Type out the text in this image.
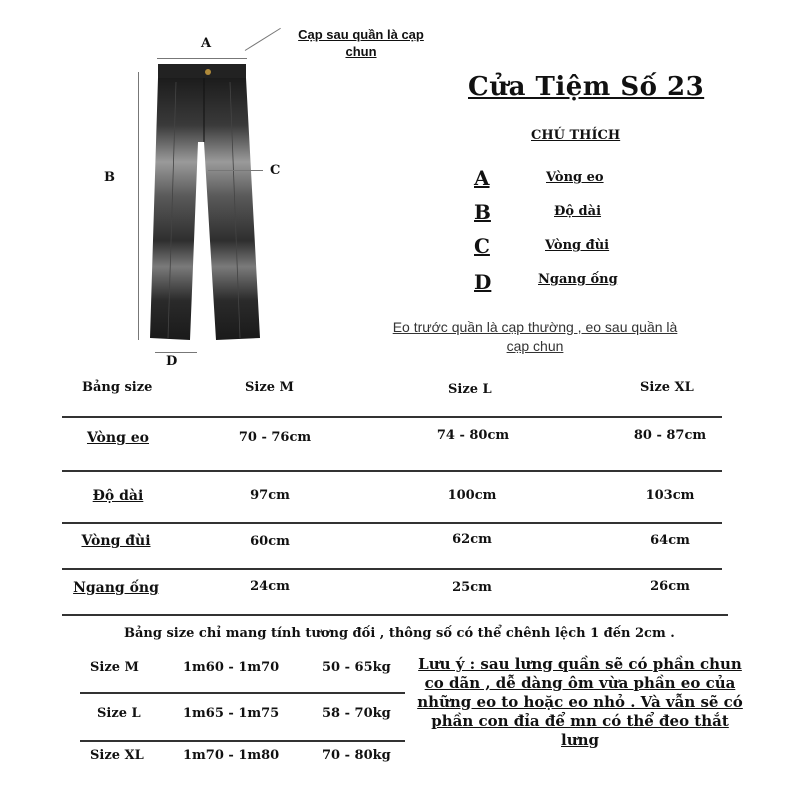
A
B	C
D
Cạp sau quần là cạp
chun
Cửa Tiệm Số 23
CHÚ THÍCH
A	Vòng eo
B	Độ dài
C	Vòng đùi
D	Ngang ống
Eo trước quần là cạp thường , eo sau quần là
cạp chun
Bảng size	Size M	Size L	Size XL
Vòng eo	70 - 76cm	74 - 80cm	80 - 87cm
Độ dài	97cm	100cm	103cm
Vòng đùi	60cm	62cm	64cm
Ngang ống	24cm	25cm	26cm
Bảng size chỉ mang tính tương đối , thông số có thể chênh lệch 1 đến 2cm .
Size M	1m60 - 1m70	50 - 65kg
Size L	1m65 - 1m75	58 - 70kg
Size XL	1m70 - 1m80	70 - 80kg
Lưu ý : sau lưng quần sẽ có phần chun
co dãn , dễ dàng ôm vừa phần eo của
những eo to hoặc eo nhỏ . Và vẫn sẽ có
phần con đỉa để mn có thể đeo thắt
lưng
